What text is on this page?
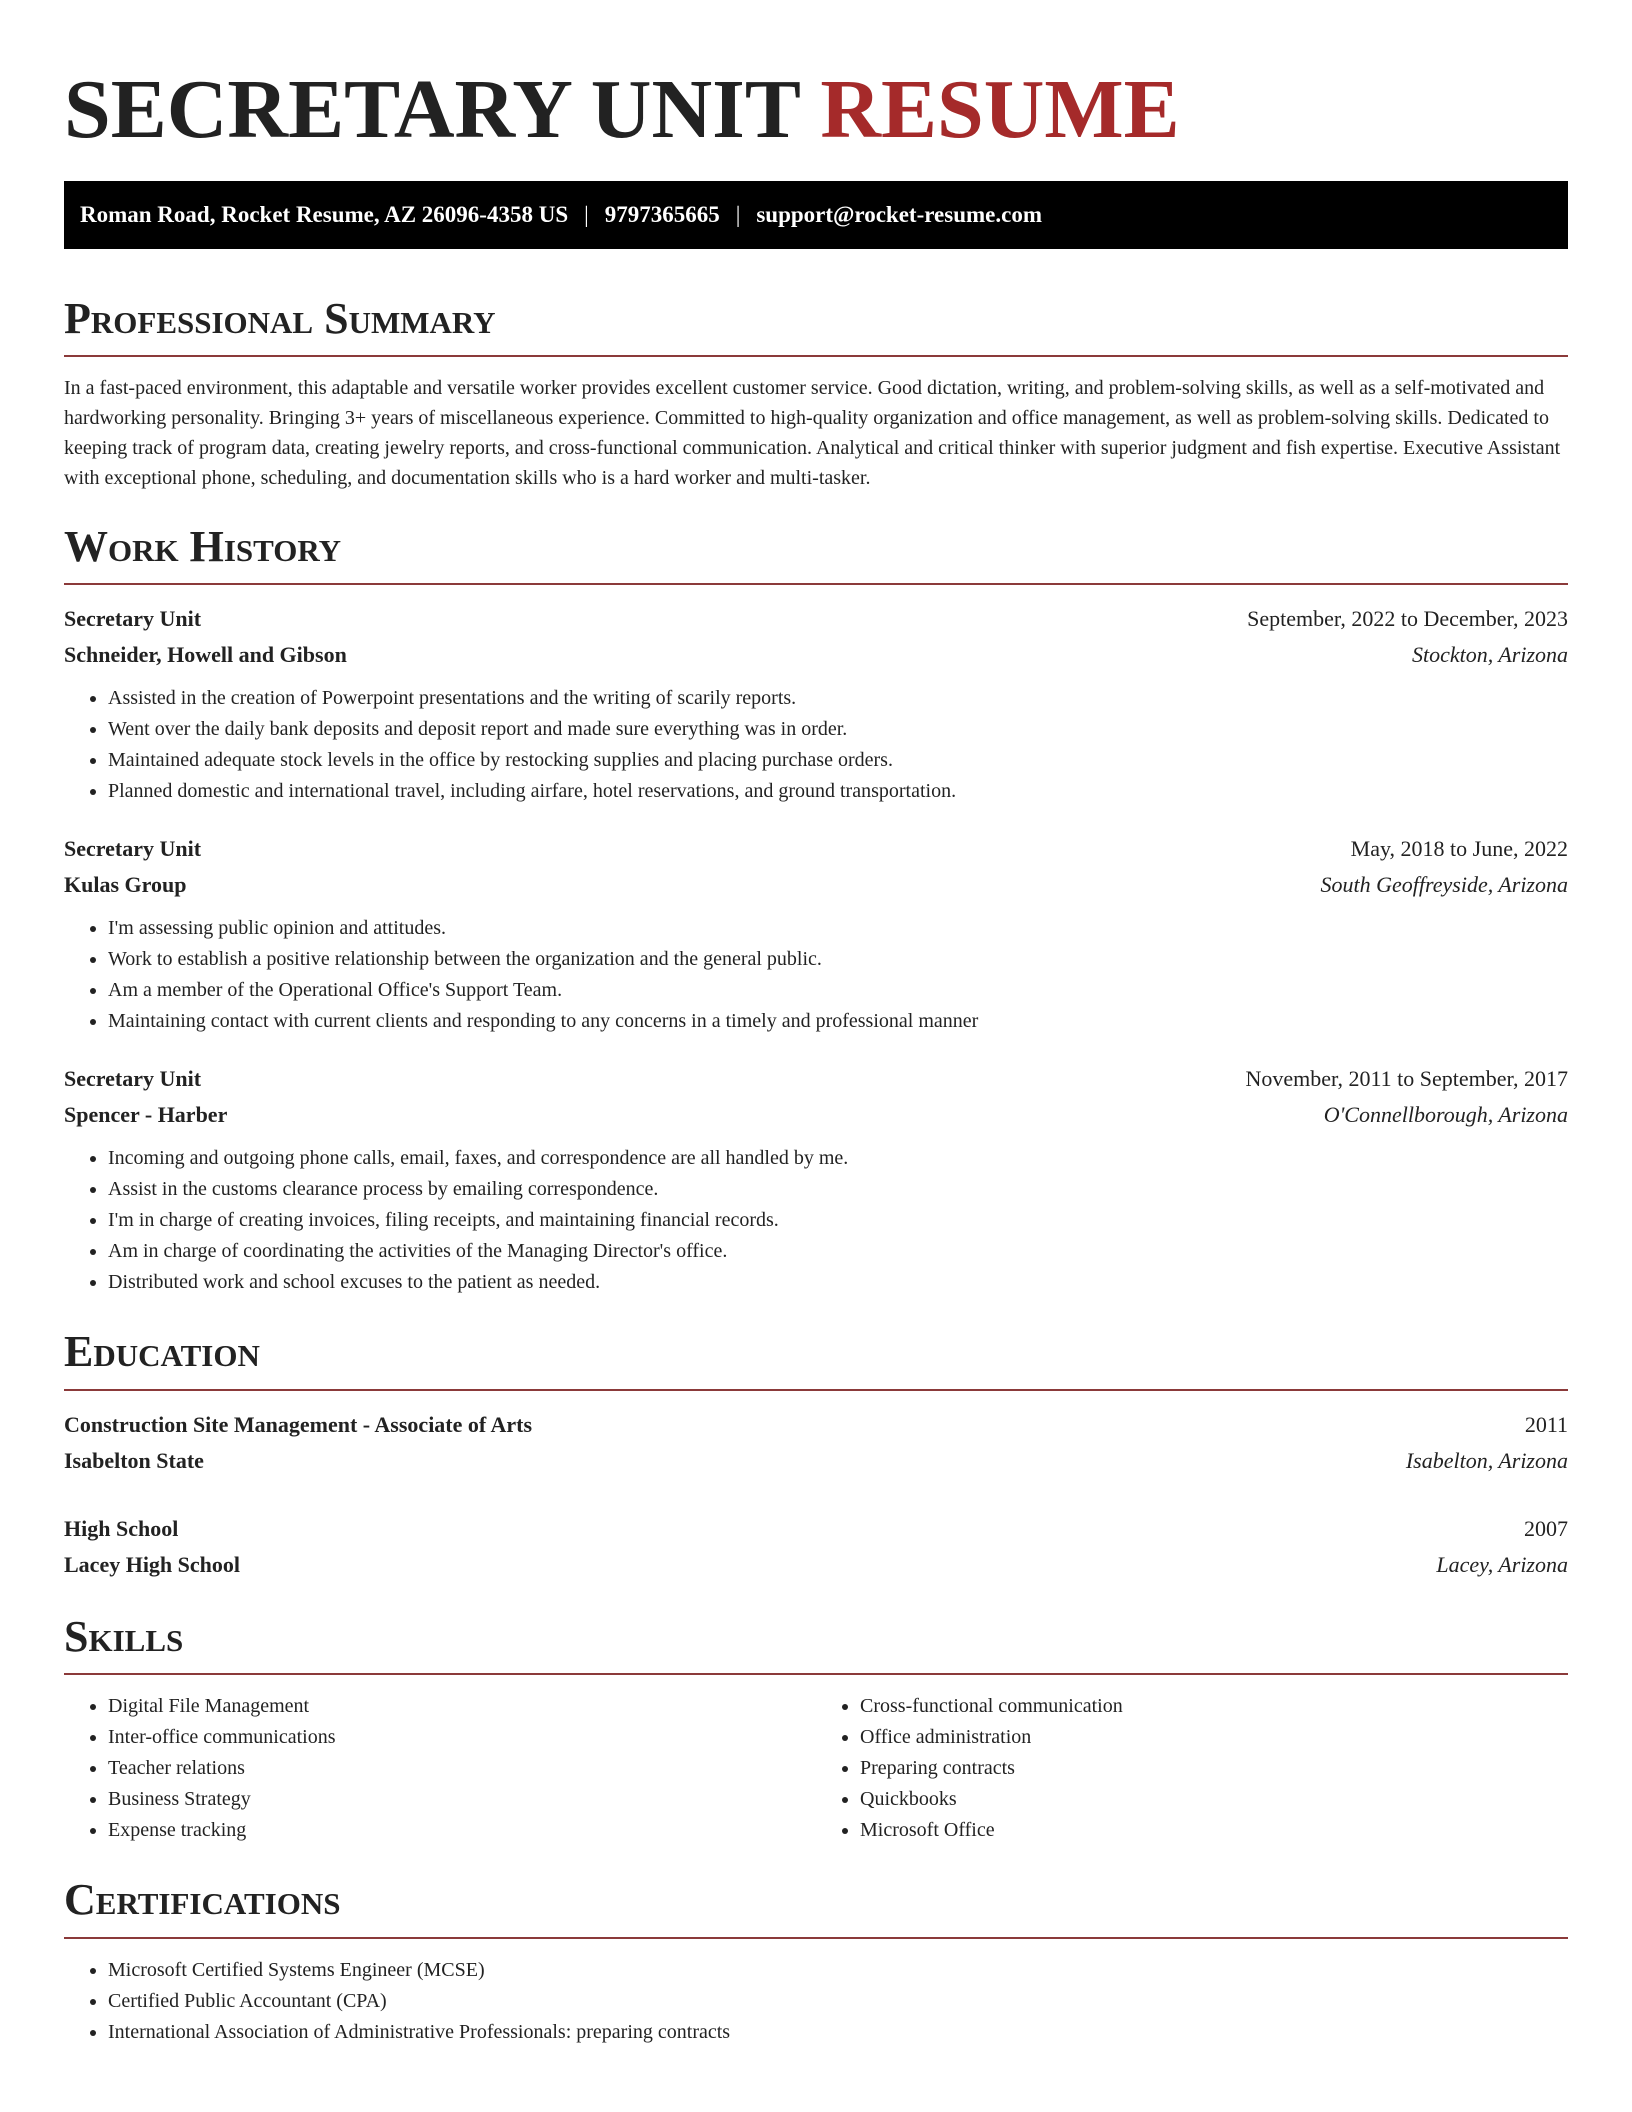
SECRETARY UNIT RESUME
Roman Road, Rocket Resume, AZ 26096-4358 US | 9797365665 | support@rocket-resume.com
Professional Summary

In a fast-paced environment, this adaptable and versatile worker provides excellent customer service. Good dictation, writing, and problem-solving skills, as well as a self-motivated and hardworking personality. Bringing 3+ years of miscellaneous experience. Committed to high-quality organization and office management, as well as problem-solving skills. Dedicated to keeping track of program data, creating jewelry reports, and cross-functional communication. Analytical and critical thinker with superior judgment and fish expertise. Executive Assistant with exceptional phone, scheduling, and documentation skills who is a hard worker and multi-tasker.

Work History
Secretary Unit	September, 2022 to December, 2023
Schneider, Howell and Gibson	Stockton, Arizona
• Assisted in the creation of Powerpoint presentations and the writing of scarily reports.
• Went over the daily bank deposits and deposit report and made sure everything was in order.
• Maintained adequate stock levels in the office by restocking supplies and placing purchase orders.
• Planned domestic and international travel, including airfare, hotel reservations, and ground transportation.
Secretary Unit	May, 2018 to June, 2022
Kulas Group	South Geoffreyside, Arizona
• I'm assessing public opinion and attitudes.
• Work to establish a positive relationship between the organization and the general public.
• Am a member of the Operational Office's Support Team.
• Maintaining contact with current clients and responding to any concerns in a timely and professional manner
Secretary Unit	November, 2011 to September, 2017
Spencer - Harber	O'Connellborough, Arizona
• Incoming and outgoing phone calls, email, faxes, and correspondence are all handled by me.
• Assist in the customs clearance process by emailing correspondence.
• I'm in charge of creating invoices, filing receipts, and maintaining financial records.
• Am in charge of coordinating the activities of the Managing Director's office.
• Distributed work and school excuses to the patient as needed.
Education
Construction Site Management - Associate of Arts	2011
Isabelton State	Isabelton, Arizona
High School	2007
Lacey High School	Lacey, Arizona
Skills
• Digital File Management
• Inter-office communications
• Teacher relations
• Business Strategy
• Expense tracking
• Cross-functional communication
• Office administration
• Preparing contracts
• Quickbooks
• Microsoft Office
Certifications
• Microsoft Certified Systems Engineer (MCSE)
• Certified Public Accountant (CPA)
• International Association of Administrative Professionals: preparing contracts
